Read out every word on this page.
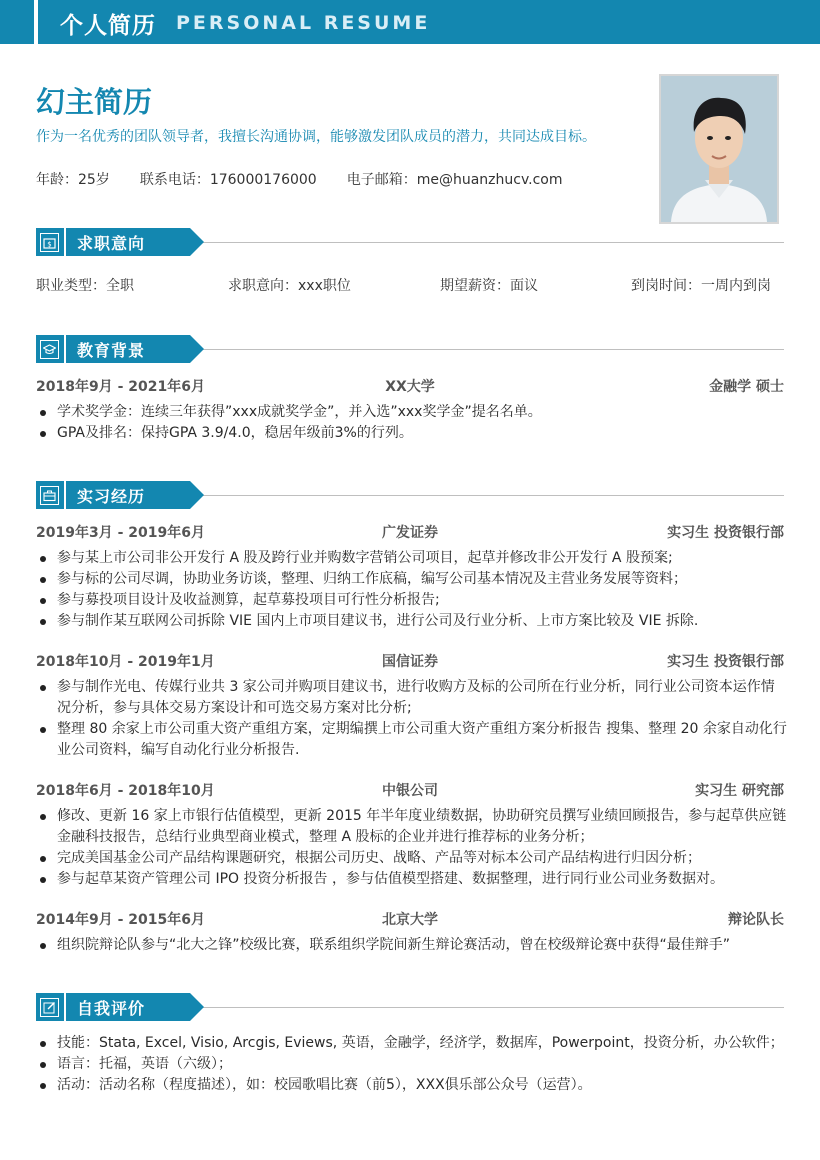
个人简历 PERSONAL RESUME
幻主简历
作为一名优秀的团队领导者，我擅长沟通协调，能够激发团队成员的潜力，共同达成目标。
年龄：25岁 联系电话：176000176000 电子邮箱：me@huanzhucv.com
$ 求职意向
职业类型：全职	求职意向：xxx职位	期望薪资：面议	到岗时间：一周内到岗
教育背景
2018年9月 - 2021年6月	XX大学	金融学 硕士
学术奖学金：连续三年获得”xxx成就奖学金”，并入选”xxx奖学金”提名名单。
GPA及排名：保持GPA 3.9/4.0，稳居年级前3%的行列。
实习经历
2019年3月 - 2019年6月	广发证券	实习生 投资银行部
参与某上市公司非公开发行 A 股及跨行业并购数字营销公司项目，起草并修改非公开发行 A 股预案;
参与标的公司尽调，协助业务访谈，整理、归纳工作底稿，编写公司基本情况及主营业务发展等资料；
参与募投项目设计及收益测算，起草募投项目可行性分析报告;
参与制作某互联网公司拆除 VIE 国内上市项目建议书，进行公司及行业分析、上市方案比较及 VIE 拆除.
2018年10月 - 2019年1月	国信证券	实习生 投资银行部
参与制作光电、传媒行业共 3 家公司并购项目建议书，进行收购方及标的公司所在行业分析，同行业公司资本运作情况分析，参与具体交易方案设计和可选交易方案对比分析;
整理 80 余家上市公司重大资产重组方案，定期编撰上市公司重大资产重组方案分析报告 搜集、整理 20 余家自动化行业公司资料，编写自动化行业分析报告.
2018年6月 - 2018年10月	中银公司	实习生 研究部
修改、更新 16 家上市银行估值模型，更新 2015 年半年度业绩数据，协助研究员撰写业绩回顾报告，参与起草供应链金融科技报告，总结行业典型商业模式，整理 A 股标的企业并进行推荐标的业务分析；
完成美国基金公司产品结构课题研究，根据公司历史、战略、产品等对标本公司产品结构进行归因分析；
参与起草某资产管理公司 IPO 投资分析报告 ，参与估值模型搭建、数据整理，进行同行业公司业务数据对。
2014年9月 - 2015年6月	北京大学	辩论队长
组织院辩论队参与“北大之锋”校级比赛，联系组织学院间新生辩论赛活动，曾在校级辩论赛中获得“最佳辩手”
自我评价
技能：Stata, Excel, Visio, Arcgis, Eviews, 英语，金融学，经济学，数据库，Powerpoint，投资分析，办公软件；
语言：托福，英语（六级）；
活动：活动名称（程度描述），如：校园歌唱比赛（前5），XXX俱乐部公众号（运营）。
